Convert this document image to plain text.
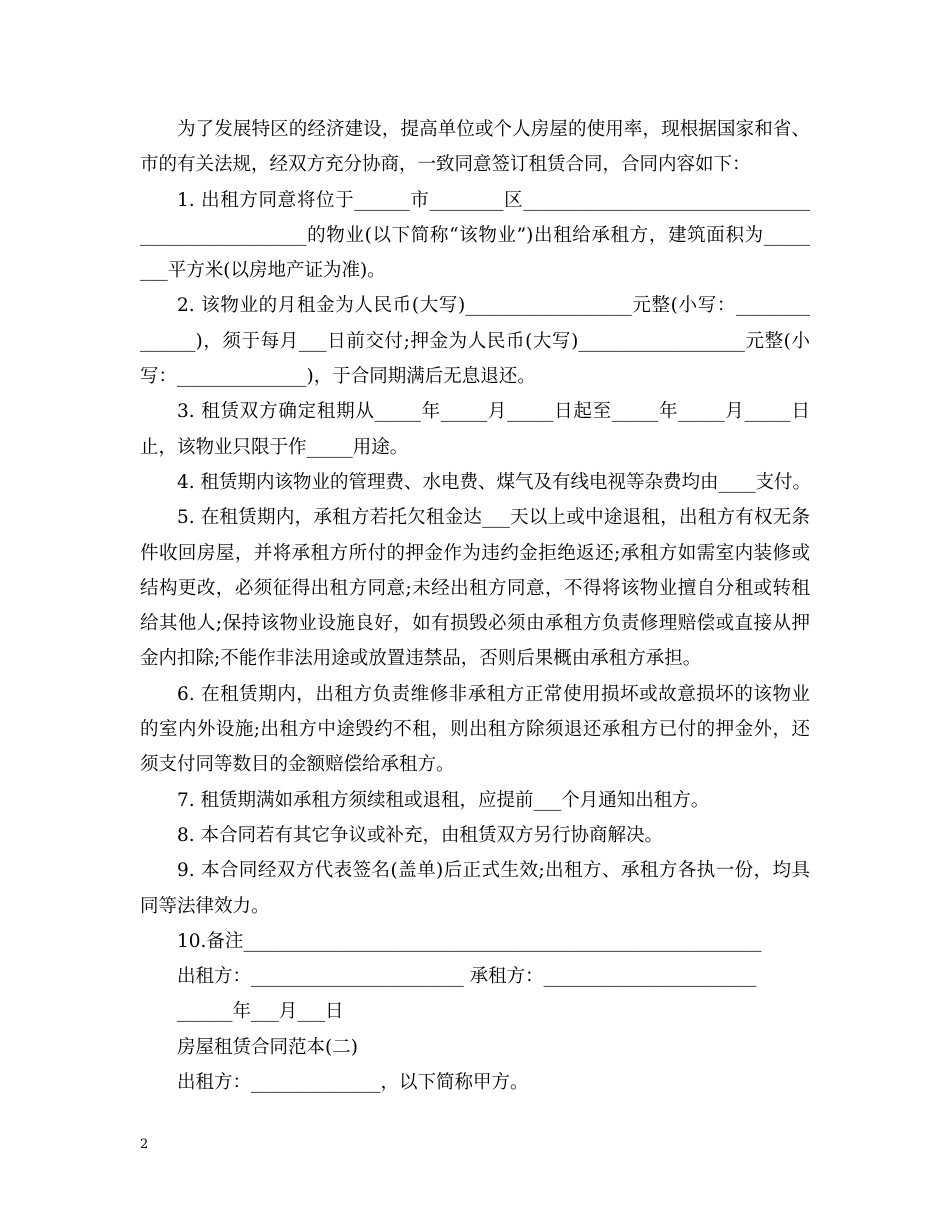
为了发展特区的经济建设，提高单位或个人房屋的使用率，现根据国家和省、
市的有关法规，经双方充分协商，一致同意签订租赁合同，合同内容如下：
1. 出租方同意将位于______市________区_______________________________
__________________的物业(以下简称“该物业”)出租给承租方，建筑面积为_____
___平方米(以房地产证为准)。
2. 该物业的月租金为人民币(大写)__________________元整(小写：________
______)，须于每月___日前交付;押金为人民币(大写)__________________元整(小
写：______________)，于合同期满后无息退还。
3. 租赁双方确定租期从_____年_____月_____日起至_____年_____月_____日
止，该物业只限于作_____用途。
4. 租赁期内该物业的管理费、水电费、煤气及有线电视等杂费均由____支付。
5. 在租赁期内，承租方若托欠租金达___天以上或中途退租，出租方有权无条
件收回房屋，并将承租方所付的押金作为违约金拒绝返还;承租方如需室内装修或
结构更改，必须征得出租方同意;未经出租方同意，不得将该物业擅自分租或转租
给其他人;保持该物业设施良好，如有损毁必须由承租方负责修理赔偿或直接从押
金内扣除;不能作非法用途或放置违禁品，否则后果概由承租方承担。
6. 在租赁期内，出租方负责维修非承租方正常使用损坏或故意损坏的该物业
的室内外设施;出租方中途毁约不租，则出租方除须退还承租方已付的押金外，还
须支付同等数目的金额赔偿给承租方。
7. 租赁期满如承租方须续租或退租，应提前___个月通知出租方。
8. 本合同若有其它争议或补充，由租赁双方另行协商解决。
9. 本合同经双方代表签名(盖单)后正式生效;出租方、承租方各执一份，均具
同等法律效力。
10.备注________________________________________________________
出租方：_______________________ 承租方：_______________________
______年___月___日
房屋租赁合同范本(二)
出租方：______________，以下简称甲方。
2
